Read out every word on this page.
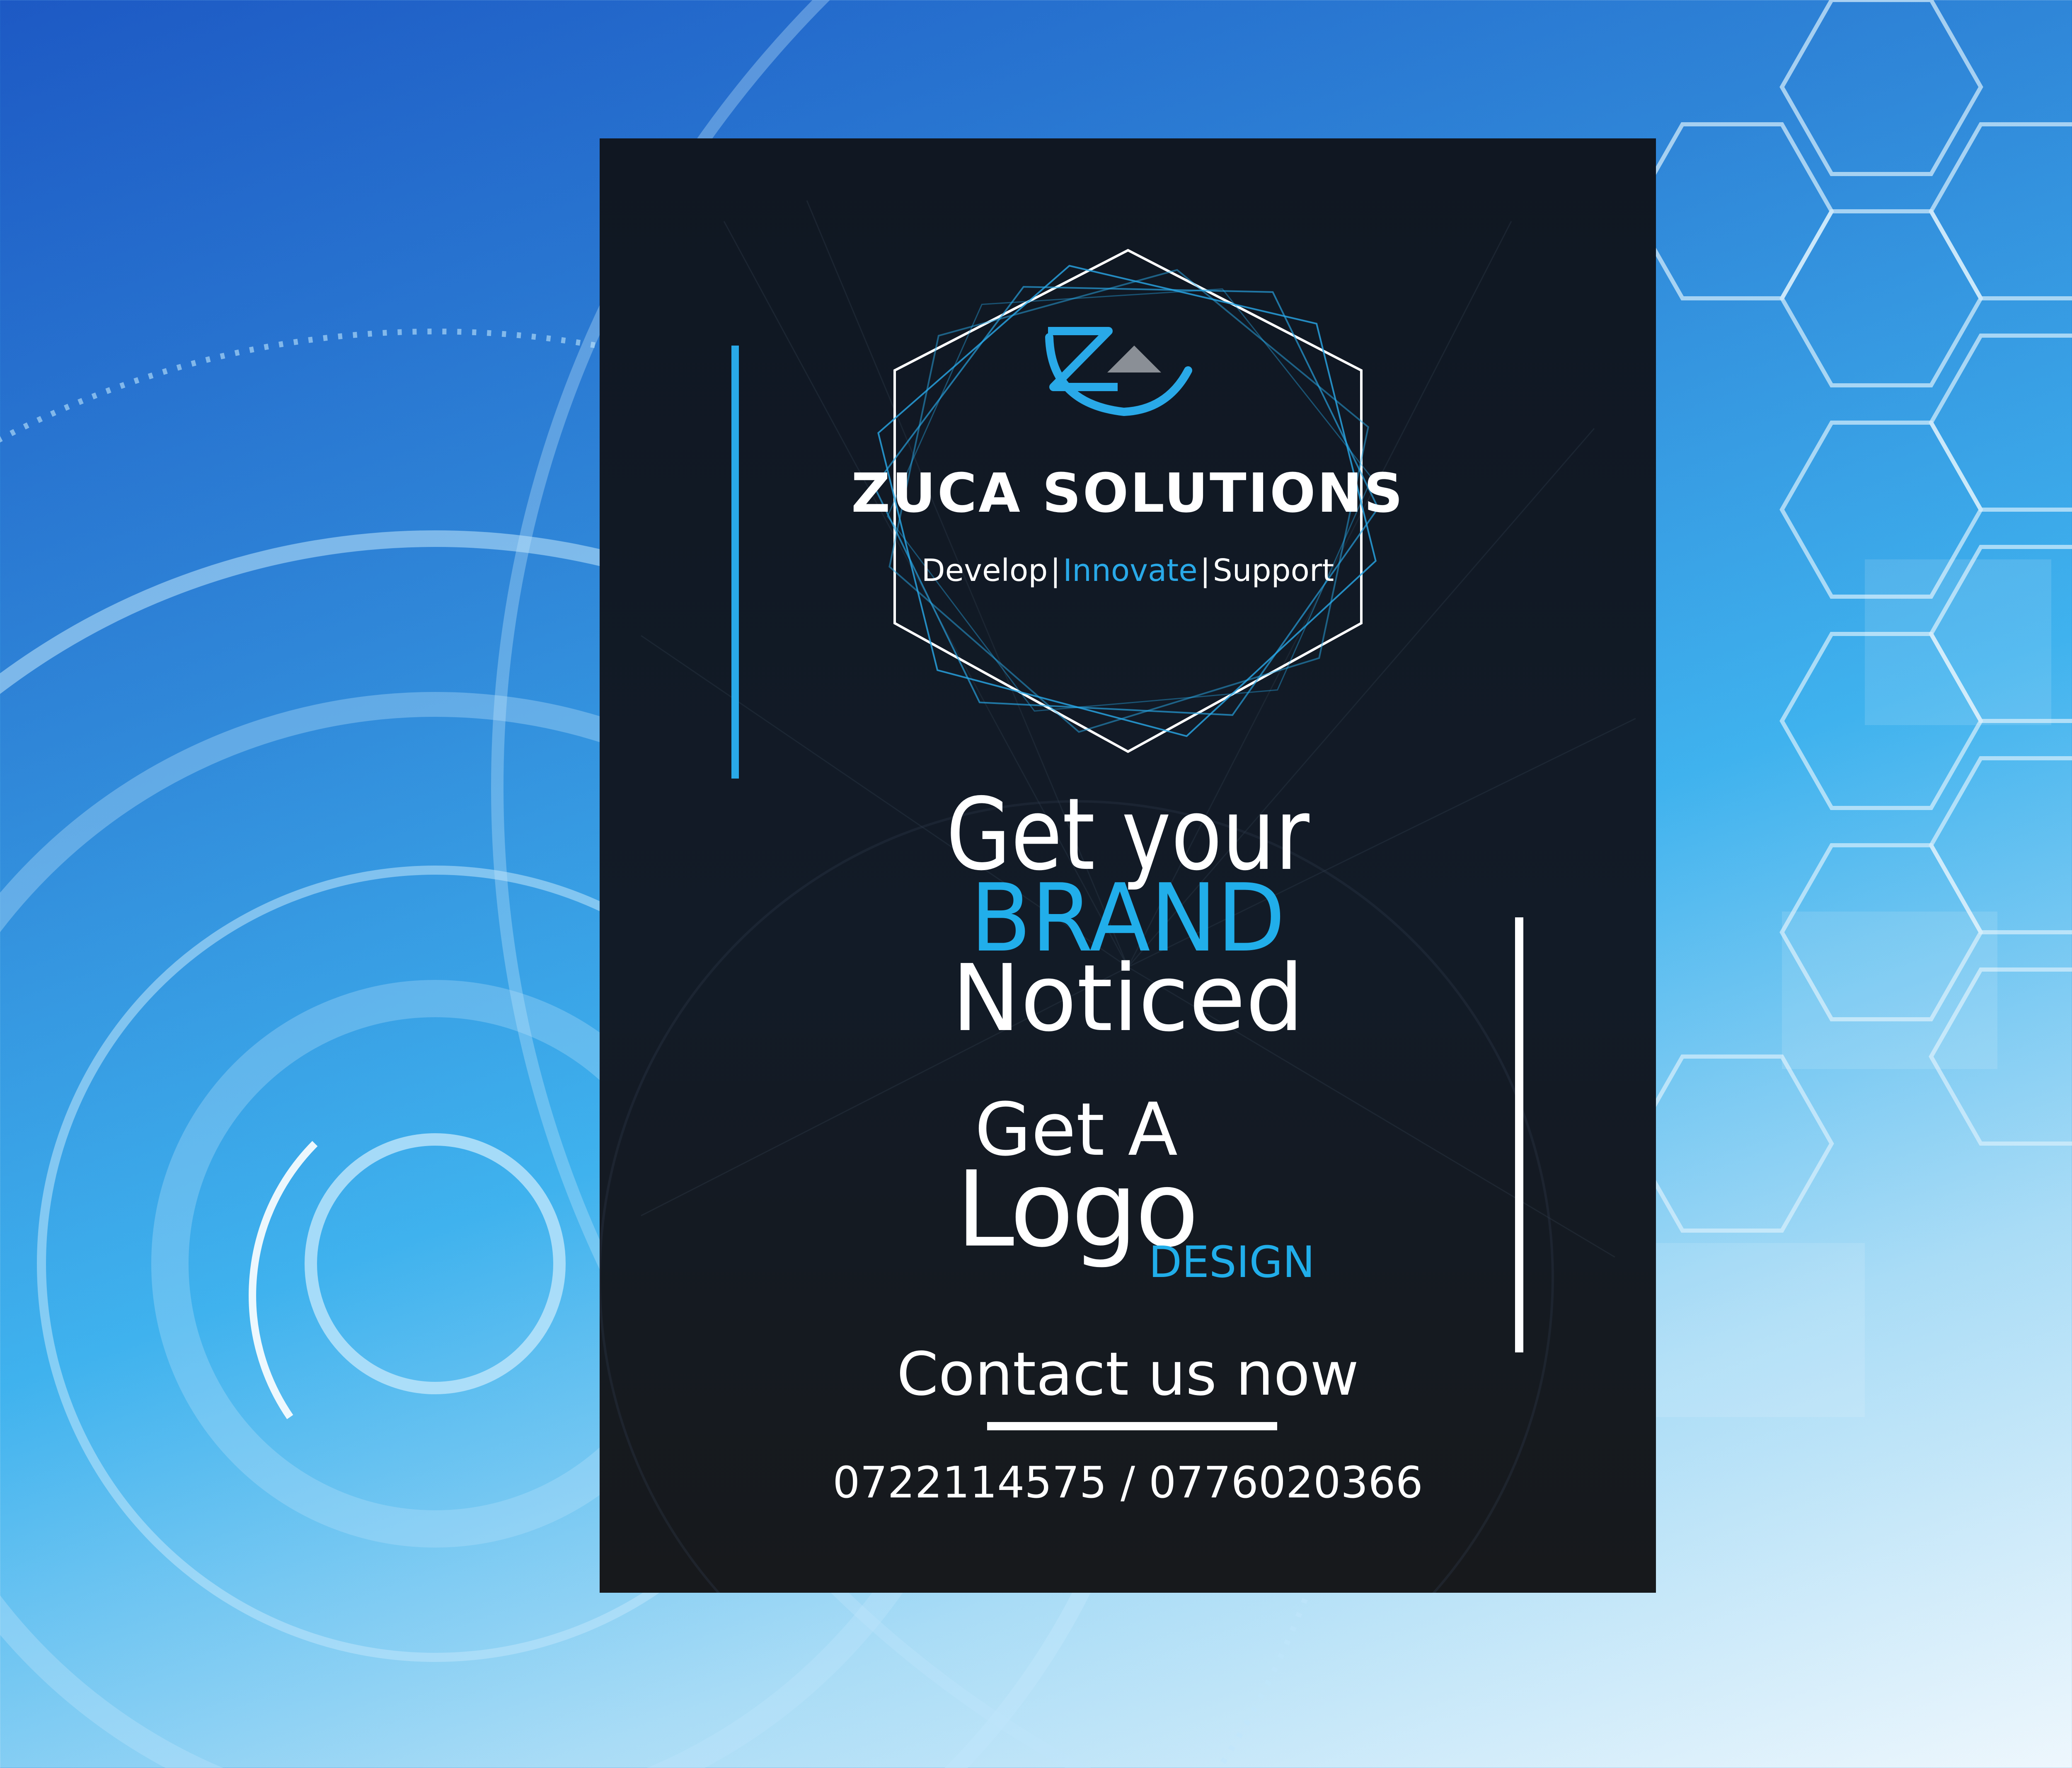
ZUCA SOLUTIONS
Develop|Innovate|Support
Get your
BRAND
Noticed
Get A
Logo
DESIGN
Contact us now
0722114575 / 0776020366
